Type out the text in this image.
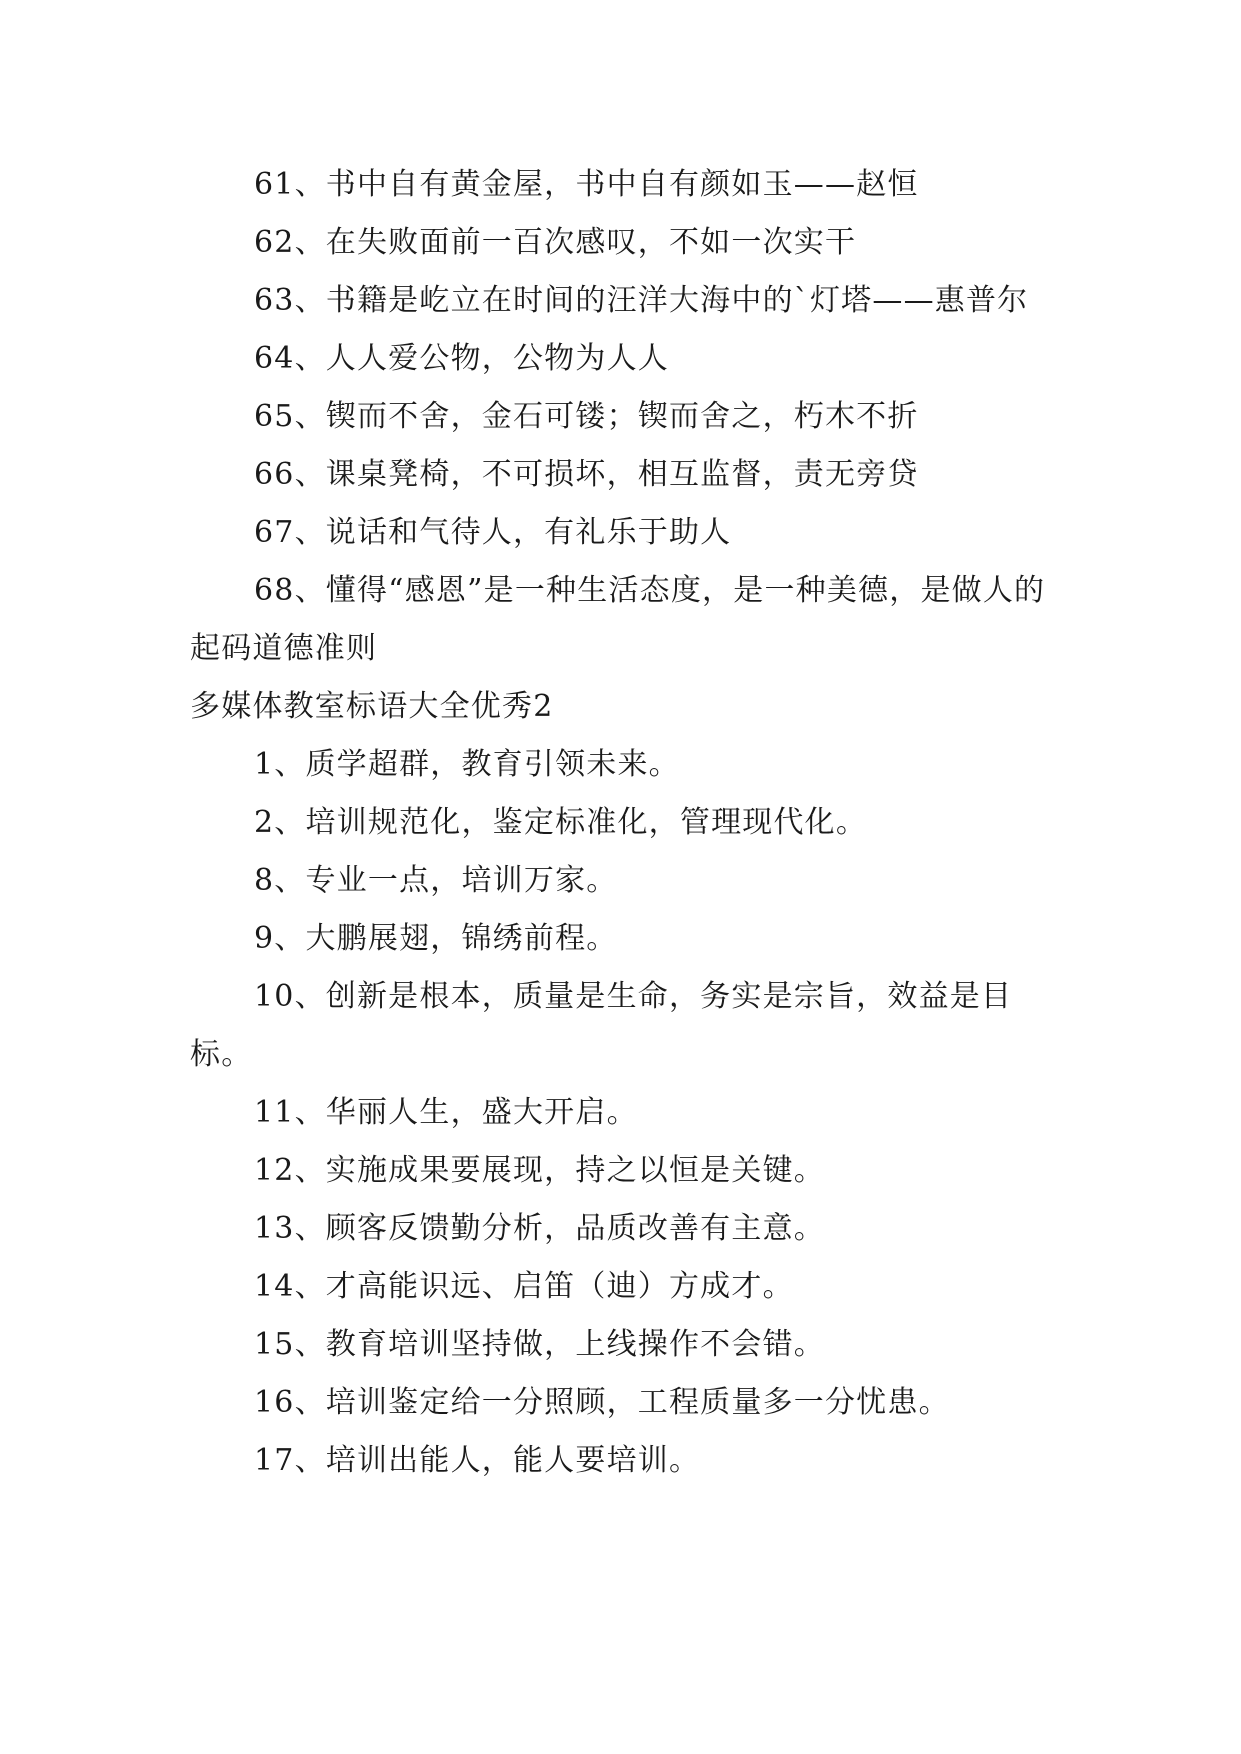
61、书中自有黄金屋，书中自有颜如玉——赵恒

62、在失败面前一百次感叹，不如一次实干

63、书籍是屹立在时间的汪洋大海中的`灯塔——惠普尔

64、人人爱公物，公物为人人

65、锲而不舍，金石可镂；锲而舍之，朽木不折

66、课桌凳椅，不可损坏，相互监督，责无旁贷

67、说话和气待人，有礼乐于助人

68、懂得“感恩”是一种生活态度，是一种美德，是做人的起码道德准则

多媒体教室标语大全优秀2

1、质学超群，教育引领未来。

2、培训规范化，鉴定标准化，管理现代化。

8、专业一点，培训万家。

9、大鹏展翅，锦绣前程。

10、创新是根本，质量是生命，务实是宗旨，效益是目标。

11、华丽人生，盛大开启。

12、实施成果要展现，持之以恒是关键。

13、顾客反馈勤分析，品质改善有主意。

14、才高能识远、启笛（迪）方成才。

15、教育培训坚持做，上线操作不会错。

16、培训鉴定给一分照顾，工程质量多一分忧患。

17、培训出能人，能人要培训。
